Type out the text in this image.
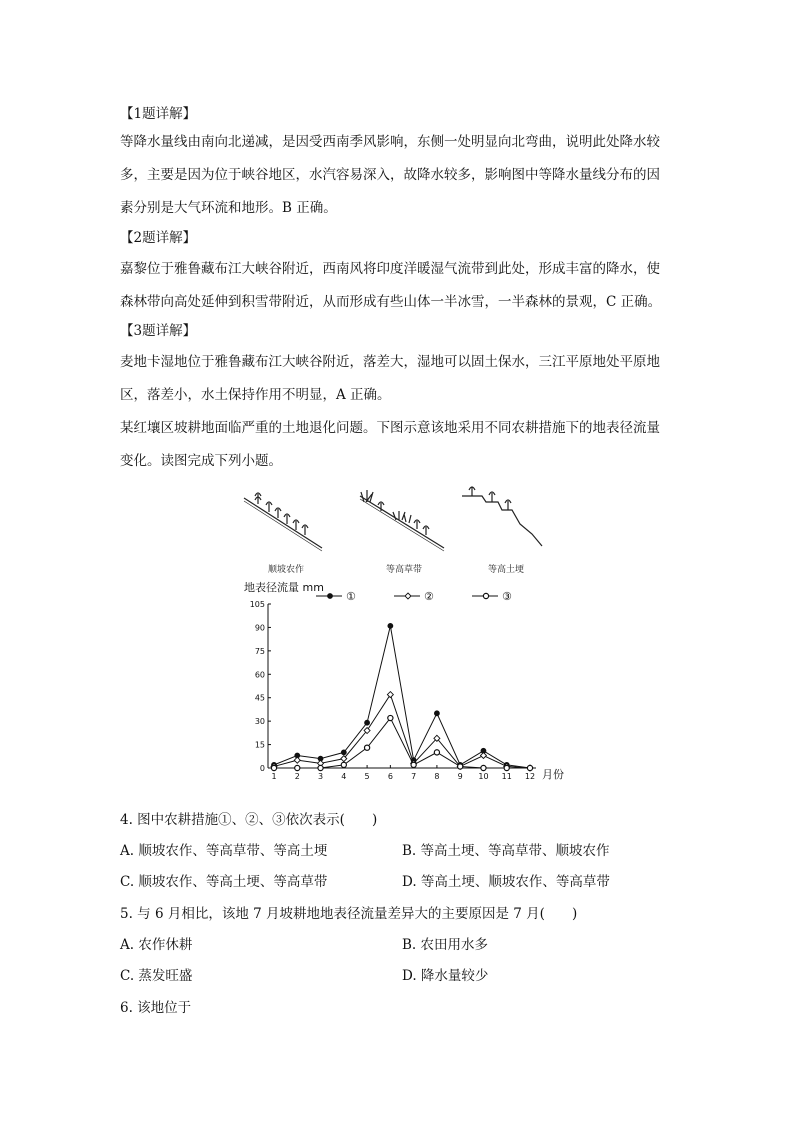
【1题详解】
等降水量线由南向北递减，是因受西南季风影响，东侧一处明显向北弯曲，说明此处降水较
多，主要是因为位于峡谷地区，水汽容易深入，故降水较多，影响图中等降水量线分布的因
素分别是大气环流和地形。B 正确。
【2题详解】
嘉黎位于雅鲁藏布江大峡谷附近，西南风将印度洋暖湿气流带到此处，形成丰富的降水，使
森林带向高处延伸到积雪带附近，从而形成有些山体一半冰雪，一半森林的景观，C 正确。
【3题详解】
麦地卡湿地位于雅鲁藏布江大峡谷附近，落差大，湿地可以固土保水，三江平原地处平原地
区，落差小，水土保持作用不明显，A 正确。
某红壤区坡耕地面临严重的土地退化问题。下图示意该地采用不同农耕措施下的地表径流量
变化。读图完成下列小题。
顺坡农作	等高草带	等高土埂
地表径流量 mm
①	②	③
月份
0
15
30
45
60
75
90
105
1 2 3 4 5 6 7 8 9 10 11 12
4. 图中农耕措施①、②、③依次表示(　　)
A. 顺坡农作、等高草带、等高土埂	B. 等高土埂、等高草带、顺坡农作
C. 顺坡农作、等高土埂、等高草带	D. 等高土埂、顺坡农作、等高草带
5. 与 6 月相比，该地 7 月坡耕地地表径流量差异大的主要原因是 7 月(　　)
A. 农作休耕	B. 农田用水多
C. 蒸发旺盛	D. 降水量较少
6. 该地位于
